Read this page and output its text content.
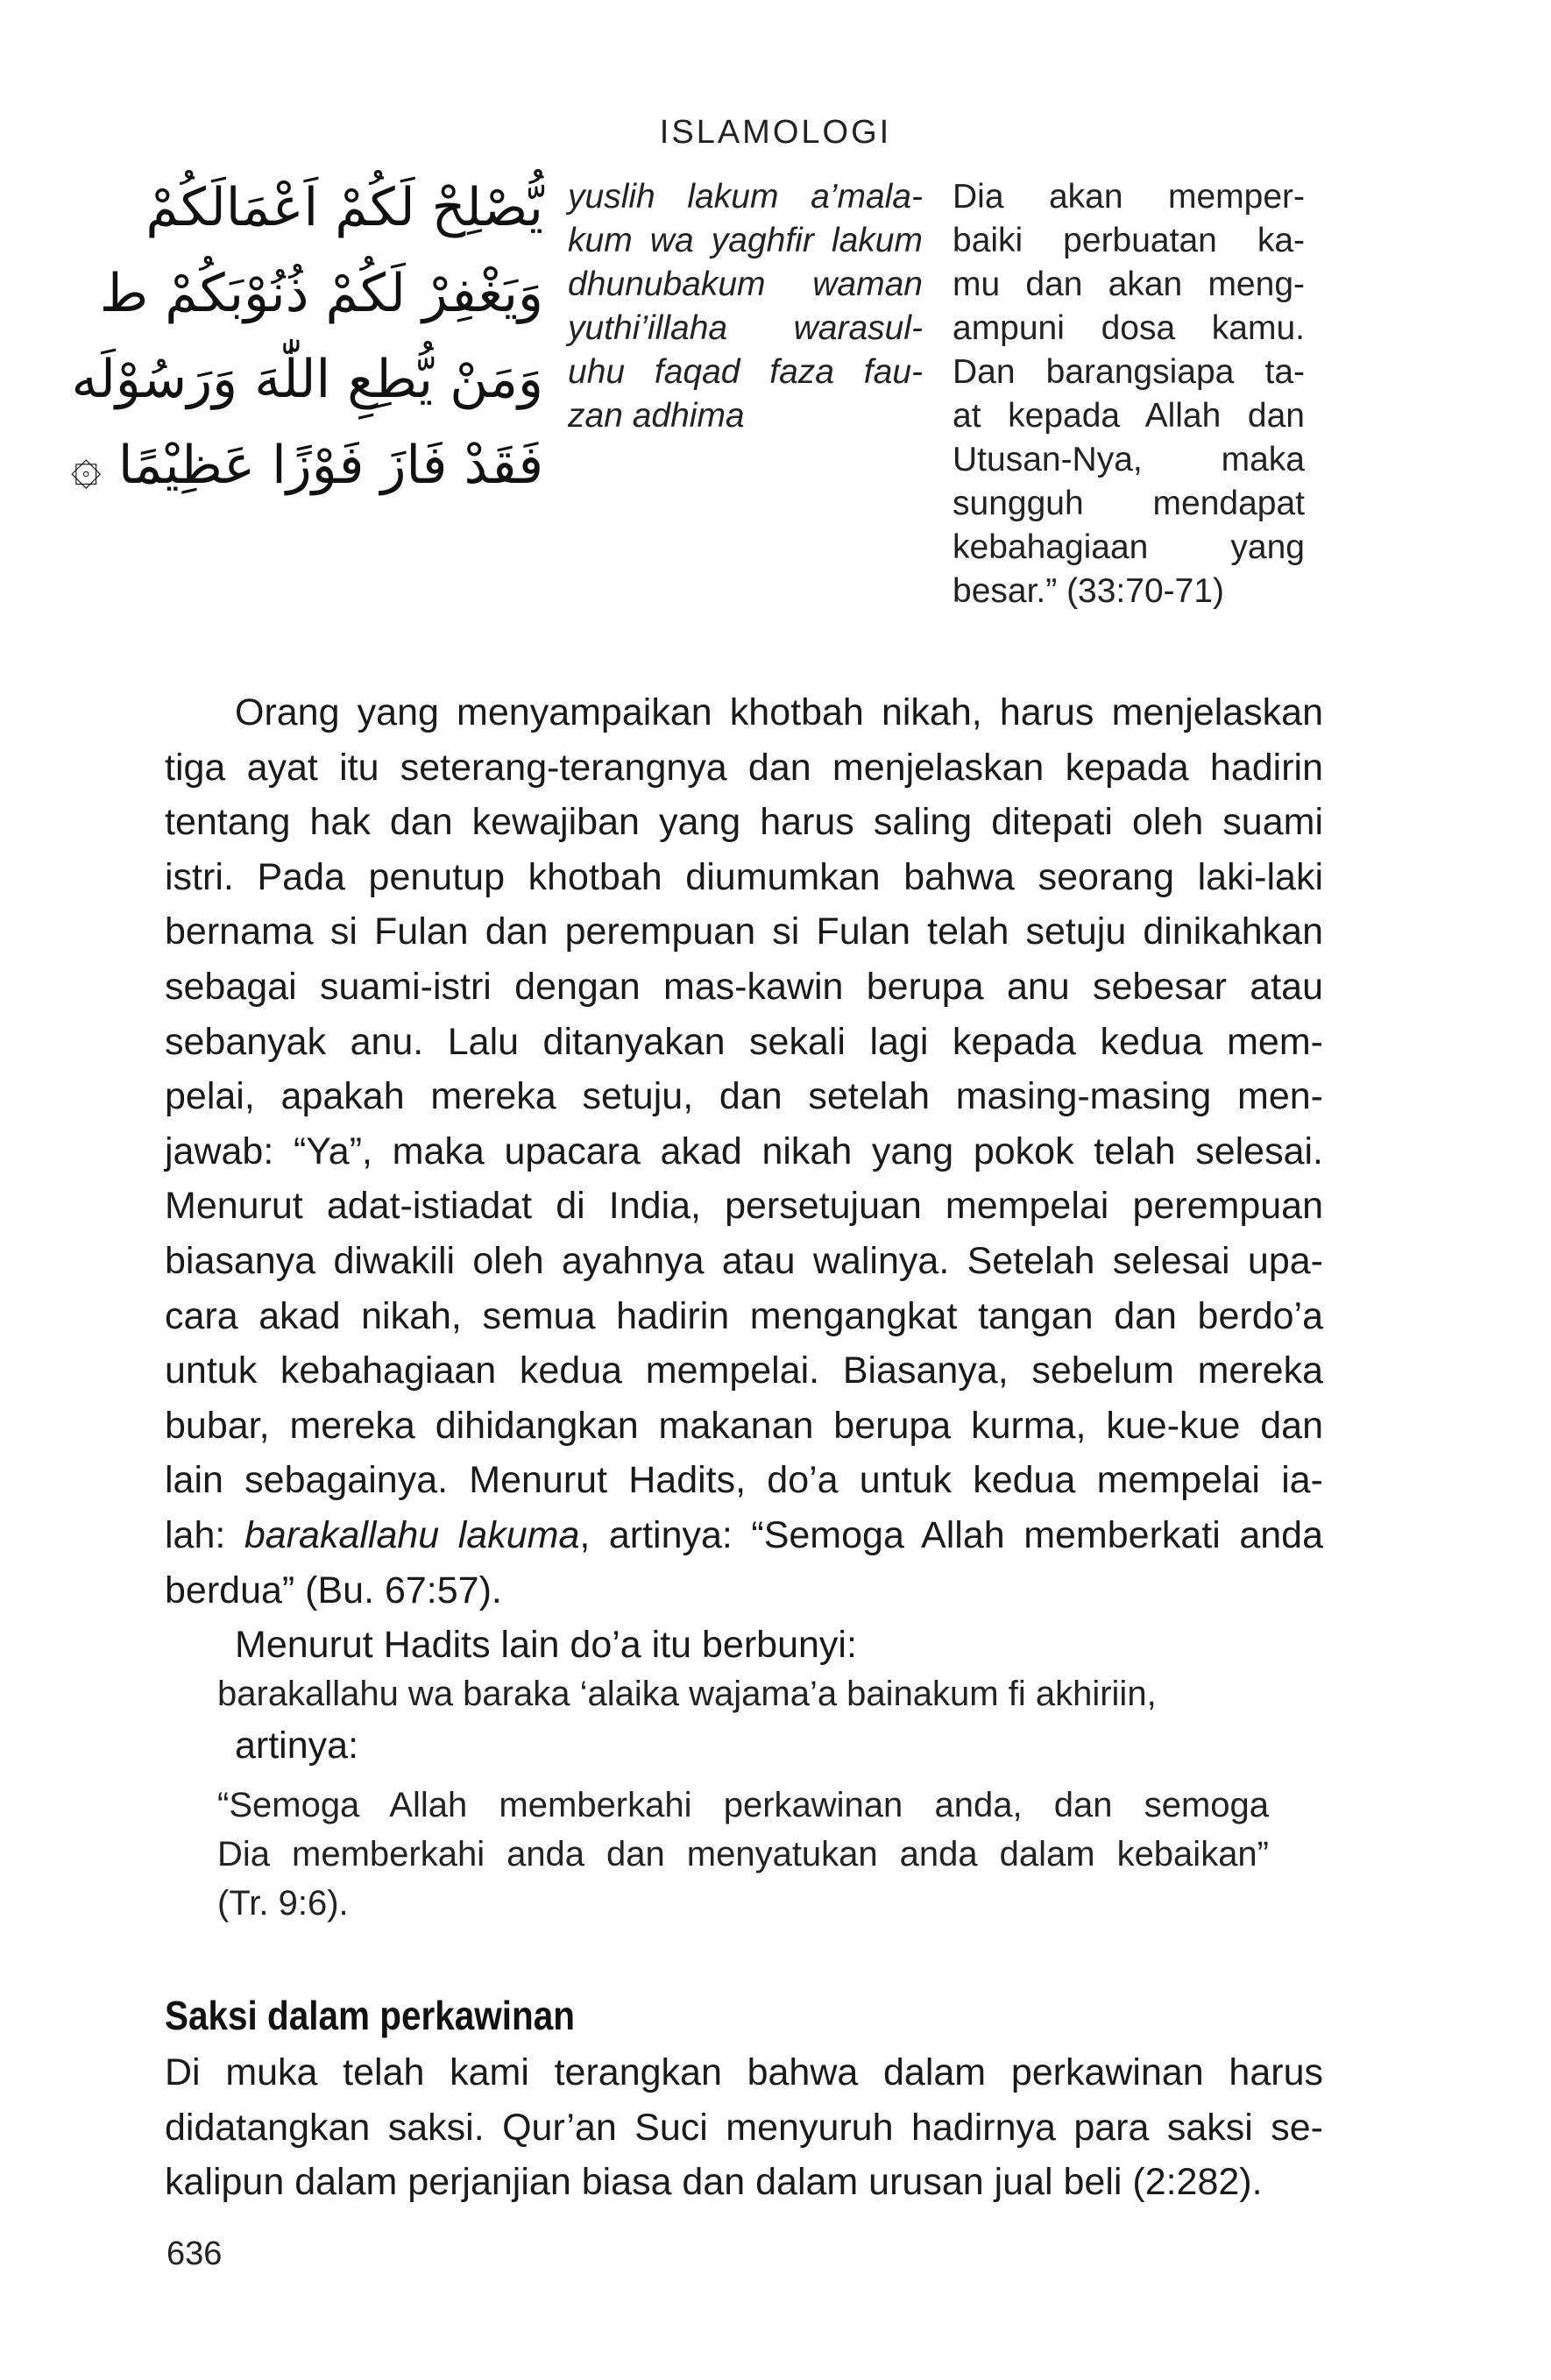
ISLAMOLOGI
يُّصْلِحْ لَكُمْ اَعْمَالَكُمْ
وَيَغْفِرْ لَكُمْ ذُنُوْبَكُمْ ط
وَمَنْ يُّطِعِ اللّٰهَ وَرَسُوْلَه
فَقَدْ فَازَ فَوْزًا عَظِيْمًا ۞
yuslih lakum a’mala-
kum wa yaghfir lakum
dhunubakum waman
yuthi’illaha warasul-
uhu faqad faza fau-
zan adhima
Dia akan memper-
baiki perbuatan ka-
mu dan akan meng-
ampuni dosa kamu.
Dan barangsiapa ta-
at kepada Allah dan
Utusan-Nya, maka
sungguh mendapat
kebahagiaan yang
besar.” (33:70-71)
Orang yang menyampaikan khotbah nikah, harus menjelaskan
tiga ayat itu seterang-terangnya dan menjelaskan kepada hadirin
tentang hak dan kewajiban yang harus saling ditepati oleh suami
istri. Pada penutup khotbah diumumkan bahwa seorang laki-laki
bernama si Fulan dan perempuan si Fulan telah setuju dinikahkan
sebagai suami-istri dengan mas-kawin berupa anu sebesar atau
sebanyak anu. Lalu ditanyakan sekali lagi kepada kedua mem-
pelai, apakah mereka setuju, dan setelah masing-masing men-
jawab: “Ya”, maka upacara akad nikah yang pokok telah selesai.
Menurut adat-istiadat di India, persetujuan mempelai perempuan
biasanya diwakili oleh ayahnya atau walinya. Setelah selesai upa-
cara akad nikah, semua hadirin mengangkat tangan dan berdo’a
untuk kebahagiaan kedua mempelai. Biasanya, sebelum mereka
bubar, mereka dihidangkan makanan berupa kurma, kue-kue dan
lain sebagainya. Menurut Hadits, do’a untuk kedua mempelai ia-
lah: barakallahu lakuma, artinya: “Semoga Allah memberkati anda
berdua” (Bu. 67:57).
Menurut Hadits lain do’a itu berbunyi:
barakallahu wa baraka ‘alaika wajama’a bainakum fi akhiriin,
artinya:
“Semoga Allah memberkahi perkawinan anda, dan semoga
Dia memberkahi anda dan menyatukan anda dalam kebaikan”
(Tr. 9:6).
Saksi dalam perkawinan
Di muka telah kami terangkan bahwa dalam perkawinan harus
didatangkan saksi. Qur’an Suci menyuruh hadirnya para saksi se-
kalipun dalam perjanjian biasa dan dalam urusan jual beli (2:282).
636
